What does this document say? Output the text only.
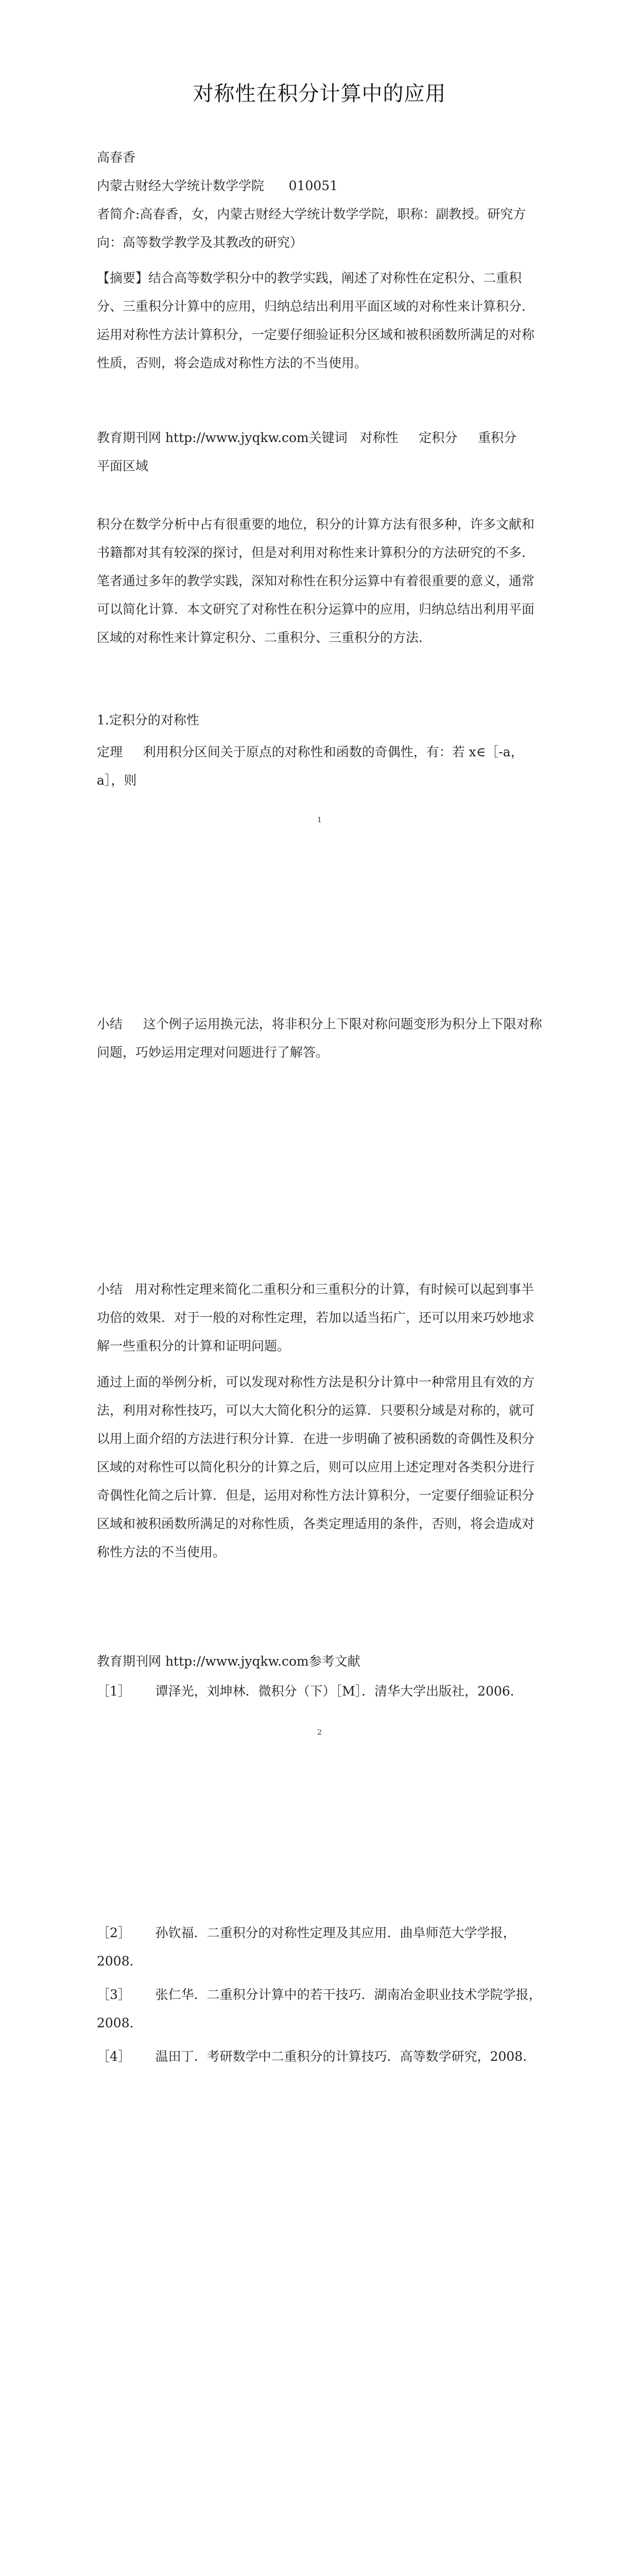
对称性在积分计算中的应用
高春香
内蒙古财经大学统计数学学院      010051
者简介:高春香，女，内蒙古财经大学统计数学学院，职称：副教授。研究方向：高等数学教学及其教改的研究）
【摘要】结合高等数学积分中的教学实践，阐述了对称性在定积分、二重积分、三重积分计算中的应用，归纳总结出利用平面区域的对称性来计算积分． 运用对称性方法计算积分，一定要仔细验证积分区域和被积函数所满足的对称性质，否则，将会造成对称性方法的不当使用。
教育期刊网 http://www.jyqkw.com关键词   对称性     定积分     重积分     平面区域
积分在数学分析中占有很重要的地位，积分的计算方法有很多种，许多文献和书籍都对其有较深的探讨，但是对利用对称性来计算积分的方法研究的不多．笔者通过多年的教学实践，深知对称性在积分运算中有着很重要的意义，通常可以简化计算．本文研究了对称性在积分运算中的应用，归纳总结出利用平面区域的对称性来计算定积分、二重积分、三重积分的方法．
1.定积分的对称性
定理     利用积分区间关于原点的对称性和函数的奇偶性，有：若 x∈［-a，a］，则
1
小结     这个例子运用换元法，将非积分上下限对称问题变形为积分上下限对称问题，巧妙运用定理对问题进行了解答。
小结   用对称性定理来简化二重积分和三重积分的计算，有时候可以起到事半功倍的效果．对于一般的对称性定理，若加以适当拓广，还可以用来巧妙地求解一些重积分的计算和证明问题。
通过上面的举例分析，可以发现对称性方法是积分计算中一种常用且有效的方法，利用对称性技巧，可以大大简化积分的运算．只要积分域是对称的，就可以用上面介绍的方法进行积分计算．在进一步明确了被积函数的奇偶性及积分区域的对称性可以简化积分的计算之后，则可以应用上述定理对各类积分进行奇偶性化简之后计算．但是，运用对称性方法计算积分，一定要仔细验证积分区域和被积函数所满足的对称性质，各类定理适用的条件，否则，将会造成对称性方法的不当使用。
教育期刊网 http://www.jyqkw.com参考文献
［1］      谭泽光，刘坤林．微积分（下）［M］．清华大学出版社，2006．
2
［2］      孙钦福．二重积分的对称性定理及其应用．曲阜师范大学学报，2008．
［3］      张仁华．二重积分计算中的若干技巧．湖南冶金职业技术学院学报，2008．
［4］      温田丁．考研数学中二重积分的计算技巧．高等数学研究，2008．
